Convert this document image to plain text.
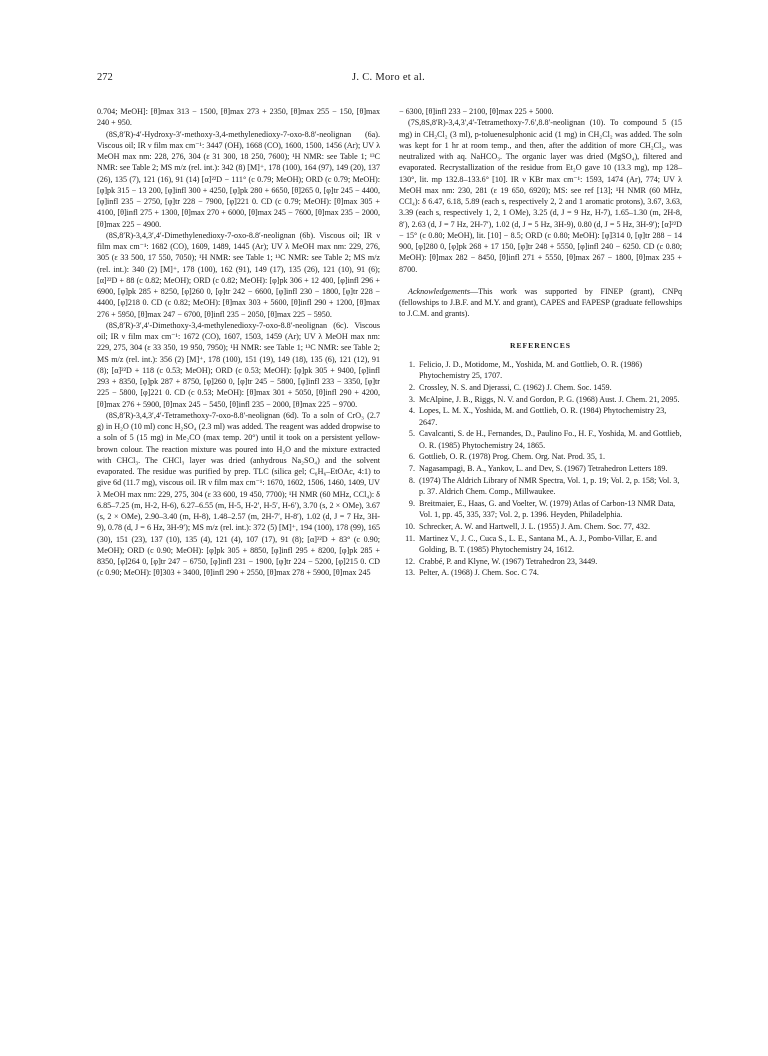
272	J. C. Moro et al.

0.704; MeOH]: [θ]max 313 − 1500, [θ]max 273 + 2350, [θ]max 255 − 150, [θ]max 240 + 950.

(8S,8′R)-4′-Hydroxy-3′-methoxy-3,4-methylenedioxy-7-oxo-8.8′-neolignan (6a). Viscous oil; IR ν film max cm⁻¹: 3447 (OH), 1668 (CO), 1600, 1500, 1456 (Ar); UV λ MeOH max nm: 228, 276, 304 (ε 31 300, 18 250, 7600); ¹H NMR: see Table 1; ¹³C NMR: see Table 2; MS m/z (rel. int.): 342 (8) [M]⁺, 178 (100), 164 (97), 149 (20), 137 (26), 135 (7), 121 (16), 91 (14) [α]²²D − 111° (c 0.79; MeOH); ORD (c 0.79; MeOH): [φ]pk 315 − 13 200, [φ]infl 300 + 4250, [φ]pk 280 + 6650, [θ]265 0, [φ]tr 245 − 4400, [φ]infl 235 − 2750, [φ]tr 228 − 7900, [φ]221 0. CD (c 0.79; MeOH): [θ]max 305 + 4100, [θ]infl 275 + 1300, [θ]max 270 + 6000, [θ]max 245 − 7600, [θ]max 235 − 2000, [θ]max 225 − 4900.

(8S,8′R)-3,4,3′,4′-Dimethylenedioxy-7-oxo-8.8′-neolignan (6b). Viscous oil; IR ν film max cm⁻¹: 1682 (CO), 1609, 1489, 1445 (Ar); UV λ MeOH max nm: 229, 276, 305 (ε 33 500, 17 550, 7050); ¹H NMR: see Table 1; ¹³C NMR: see Table 2; MS m/z (rel. int.): 340 (2) [M]⁺, 178 (100), 162 (91), 149 (17), 135 (26), 121 (10), 91 (6); [α]²²D + 88 (c 0.82; MeOH); ORD (c 0.82; MeOH): [φ]pk 306 + 12 400, [φ]infl 296 + 6900, [φ]pk 285 + 8250, [φ]260 0, [φ]tr 242 − 6600, [φ]infl 230 − 1800, [φ]tr 228 − 4400, [φ]218 0. CD (c 0.82; MeOH): [θ]max 303 + 5600, [θ]infl 290 + 1200, [θ]max 276 + 5950, [θ]max 247 − 6700, [θ]infl 235 − 2050, [θ]max 225 − 5950.

(8S,8′R)-3′,4′-Dimethoxy-3,4-methylenedioxy-7-oxo-8.8′-neolignan (6c). Viscous oil; IR ν film max cm⁻¹: 1672 (CO), 1607, 1503, 1459 (Ar); UV λ MeOH max nm: 229, 275, 304 (ε 33 350, 19 950, 7950); ¹H NMR: see Table 1; ¹³C NMR: see Table 2; MS m/z (rel. int.): 356 (2) [M]⁺, 178 (100), 151 (19), 149 (18), 135 (6), 121 (12), 91 (8); [α]²²D + 118 (c 0.53; MeOH); ORD (c 0.53; MeOH): [φ]pk 305 + 9400, [φ]infl 293 + 8350, [φ]pk 287 + 8750, [φ]260 0, [φ]tr 245 − 5800, [φ]infl 233 − 3350, [φ]tr 225 − 5800, [φ]221 0. CD (c 0.53; MeOH): [θ]max 301 + 5050, [θ]infl 290 + 4200, [θ]max 276 + 5900, [θ]max 245 − 5450, [θ]infl 235 − 2000, [θ]max 225 − 9700.

(8S,8′R)-3,4,3′,4′-Tetramethoxy-7-oxo-8.8′-neolignan (6d). To a soln of CrO₃ (2.7 g) in H₂O (10 ml) conc H₂SO₄ (2.3 ml) was added. The reagent was added dropwise to a soln of 5 (15 mg) in Me₂CO (max temp. 20°) until it took on a persistent yellow-brown colour. The reaction mixture was poured into H₂O and the mixture extracted with CHCl₃. The CHCl₃ layer was dried (anhydrous Na₂SO₄) and the solvent evaporated. The residue was purified by prep. TLC (silica gel; C₆H₆–EtOAc, 4:1) to give 6d (11.7 mg), viscous oil. IR ν film max cm⁻¹: 1670, 1602, 1506, 1460, 1409, UV λ MeOH max nm: 229, 275, 304 (ε 33 600, 19 450, 7700); ¹H NMR (60 MHz, CCl₄): δ 6.85–7.25 (m, H-2, H-6), 6.27–6.55 (m, H-5, H-2′, H-5′, H-6′), 3.70 (s, 2 × OMe), 3.67 (s, 2 × OMe), 2.90–3.40 (m, H-8), 1.48–2.57 (m, 2H-7′, H-8′), 1.02 (d, J = 7 Hz, 3H-9), 0.78 (d, J = 6 Hz, 3H-9′); MS m/z (rel. int.): 372 (5) [M]⁺, 194 (100), 178 (99), 165 (30), 151 (23), 137 (10), 135 (4), 121 (4), 107 (17), 91 (8); [α]²²D + 83° (c 0.90; MeOH); ORD (c 0.90; MeOH): [φ]pk 305 + 8850, [φ]infl 295 + 8200, [φ]pk 285 + 8350, [φ]264 0, [φ]tr 247 − 6750, [φ]infl 231 − 1900, [φ]tr 224 − 5200, [φ]215 0. CD (c 0.90; MeOH): [θ]303 + 3400, [θ]infl 290 + 2550, [θ]max 278 + 5900, [θ]max 245

− 6300, [θ]infl 233 − 2100, [θ]max 225 + 5000.

(7S,8S,8′R)-3,4,3′,4′-Tetramethoxy-7.6′,8.8′-neolignan (10). To compound 5 (15 mg) in CH₂Cl₂ (3 ml), p-toluenesulphonic acid (1 mg) in CH₂Cl₂ was added. The soln was kept for 1 hr at room temp., and then, after the addition of more CH₂Cl₂, was neutralized with aq. NaHCO₃. The organic layer was dried (MgSO₄), filtered and evaporated. Recrystallization of the residue from Et₂O gave 10 (13.3 mg), mp 128–130°, lit. mp 132.8–133.6° [10]. IR ν KBr max cm⁻¹: 1593, 1474 (Ar), 774; UV λ MeOH max nm: 230, 281 (ε 19 650, 6920); MS: see ref [13]; ¹H NMR (60 MHz, CCl₄): δ 6.47, 6.18, 5.89 (each s, respectively 2, 2 and 1 aromatic protons), 3.67, 3.63, 3.39 (each s, respectively 1, 2, 1 OMe), 3.25 (d, J = 9 Hz, H-7), 1.65–1.30 (m, 2H-8, 8′), 2.63 (d, J = 7 Hz, 2H-7′), 1.02 (d, J = 5 Hz, 3H-9), 0.80 (d, J = 5 Hz, 3H-9′); [α]²²D − 15° (c 0.80; MeOH), lit. [10] − 8.5; ORD (c 0.80; MeOH): [φ]314 0, [φ]tr 288 − 14 900, [φ]280 0, [φ]pk 268 + 17 150, [φ]tr 248 + 5550, [φ]infl 240 − 6250. CD (c 0.80; MeOH): [θ]max 282 − 8450, [θ]infl 271 + 5550, [θ]max 267 − 1800, [θ]max 235 + 8700.

Acknowledgements—This work was supported by FINEP (grant), CNPq (fellowships to J.B.F. and M.Y. and grant), CAPES and FAPESP (graduate fellowships to J.C.M. and grants).

REFERENCES
1. Felicio, J. D., Motidome, M., Yoshida, M. and Gottlieb, O. R. (1986) Phytochemistry 25, 1707.
2. Crossley, N. S. and Djerassi, C. (1962) J. Chem. Soc. 1459.
3. McAlpine, J. B., Riggs, N. V. and Gordon, P. G. (1968) Aust. J. Chem. 21, 2095.
4. Lopes, L. M. X., Yoshida, M. and Gottlieb, O. R. (1984) Phytochemistry 23, 2647.
5. Cavalcanti, S. de H., Fernandes, D., Paulino Fo., H. F., Yoshida, M. and Gottlieb, O. R. (1985) Phytochemistry 24, 1865.
6. Gottlieb, O. R. (1978) Prog. Chem. Org. Nat. Prod. 35, 1.
7. Nagasampagi, B. A., Yankov, L. and Dev, S. (1967) Tetrahedron Letters 189.
8. (1974) The Aldrich Library of NMR Spectra, Vol. 1, p. 19; Vol. 2, p. 158; Vol. 3, p. 37. Aldrich Chem. Comp., Millwaukee.
9. Breitmaier, E., Haas, G. and Voelter, W. (1979) Atlas of Carbon-13 NMR Data, Vol. 1, pp. 45, 335, 337; Vol. 2, p. 1396. Heyden, Philadelphia.
10. Schrecker, A. W. and Hartwell, J. L. (1955) J. Am. Chem. Soc. 77, 432.
11. Martinez V., J. C., Cuca S., L. E., Santana M., A. J., Pombo-Villar, E. and Golding, B. T. (1985) Phytochemistry 24, 1612.
12. Crabbé, P. and Klyne, W. (1967) Tetrahedron 23, 3449.
13. Pelter, A. (1968) J. Chem. Soc. C 74.
